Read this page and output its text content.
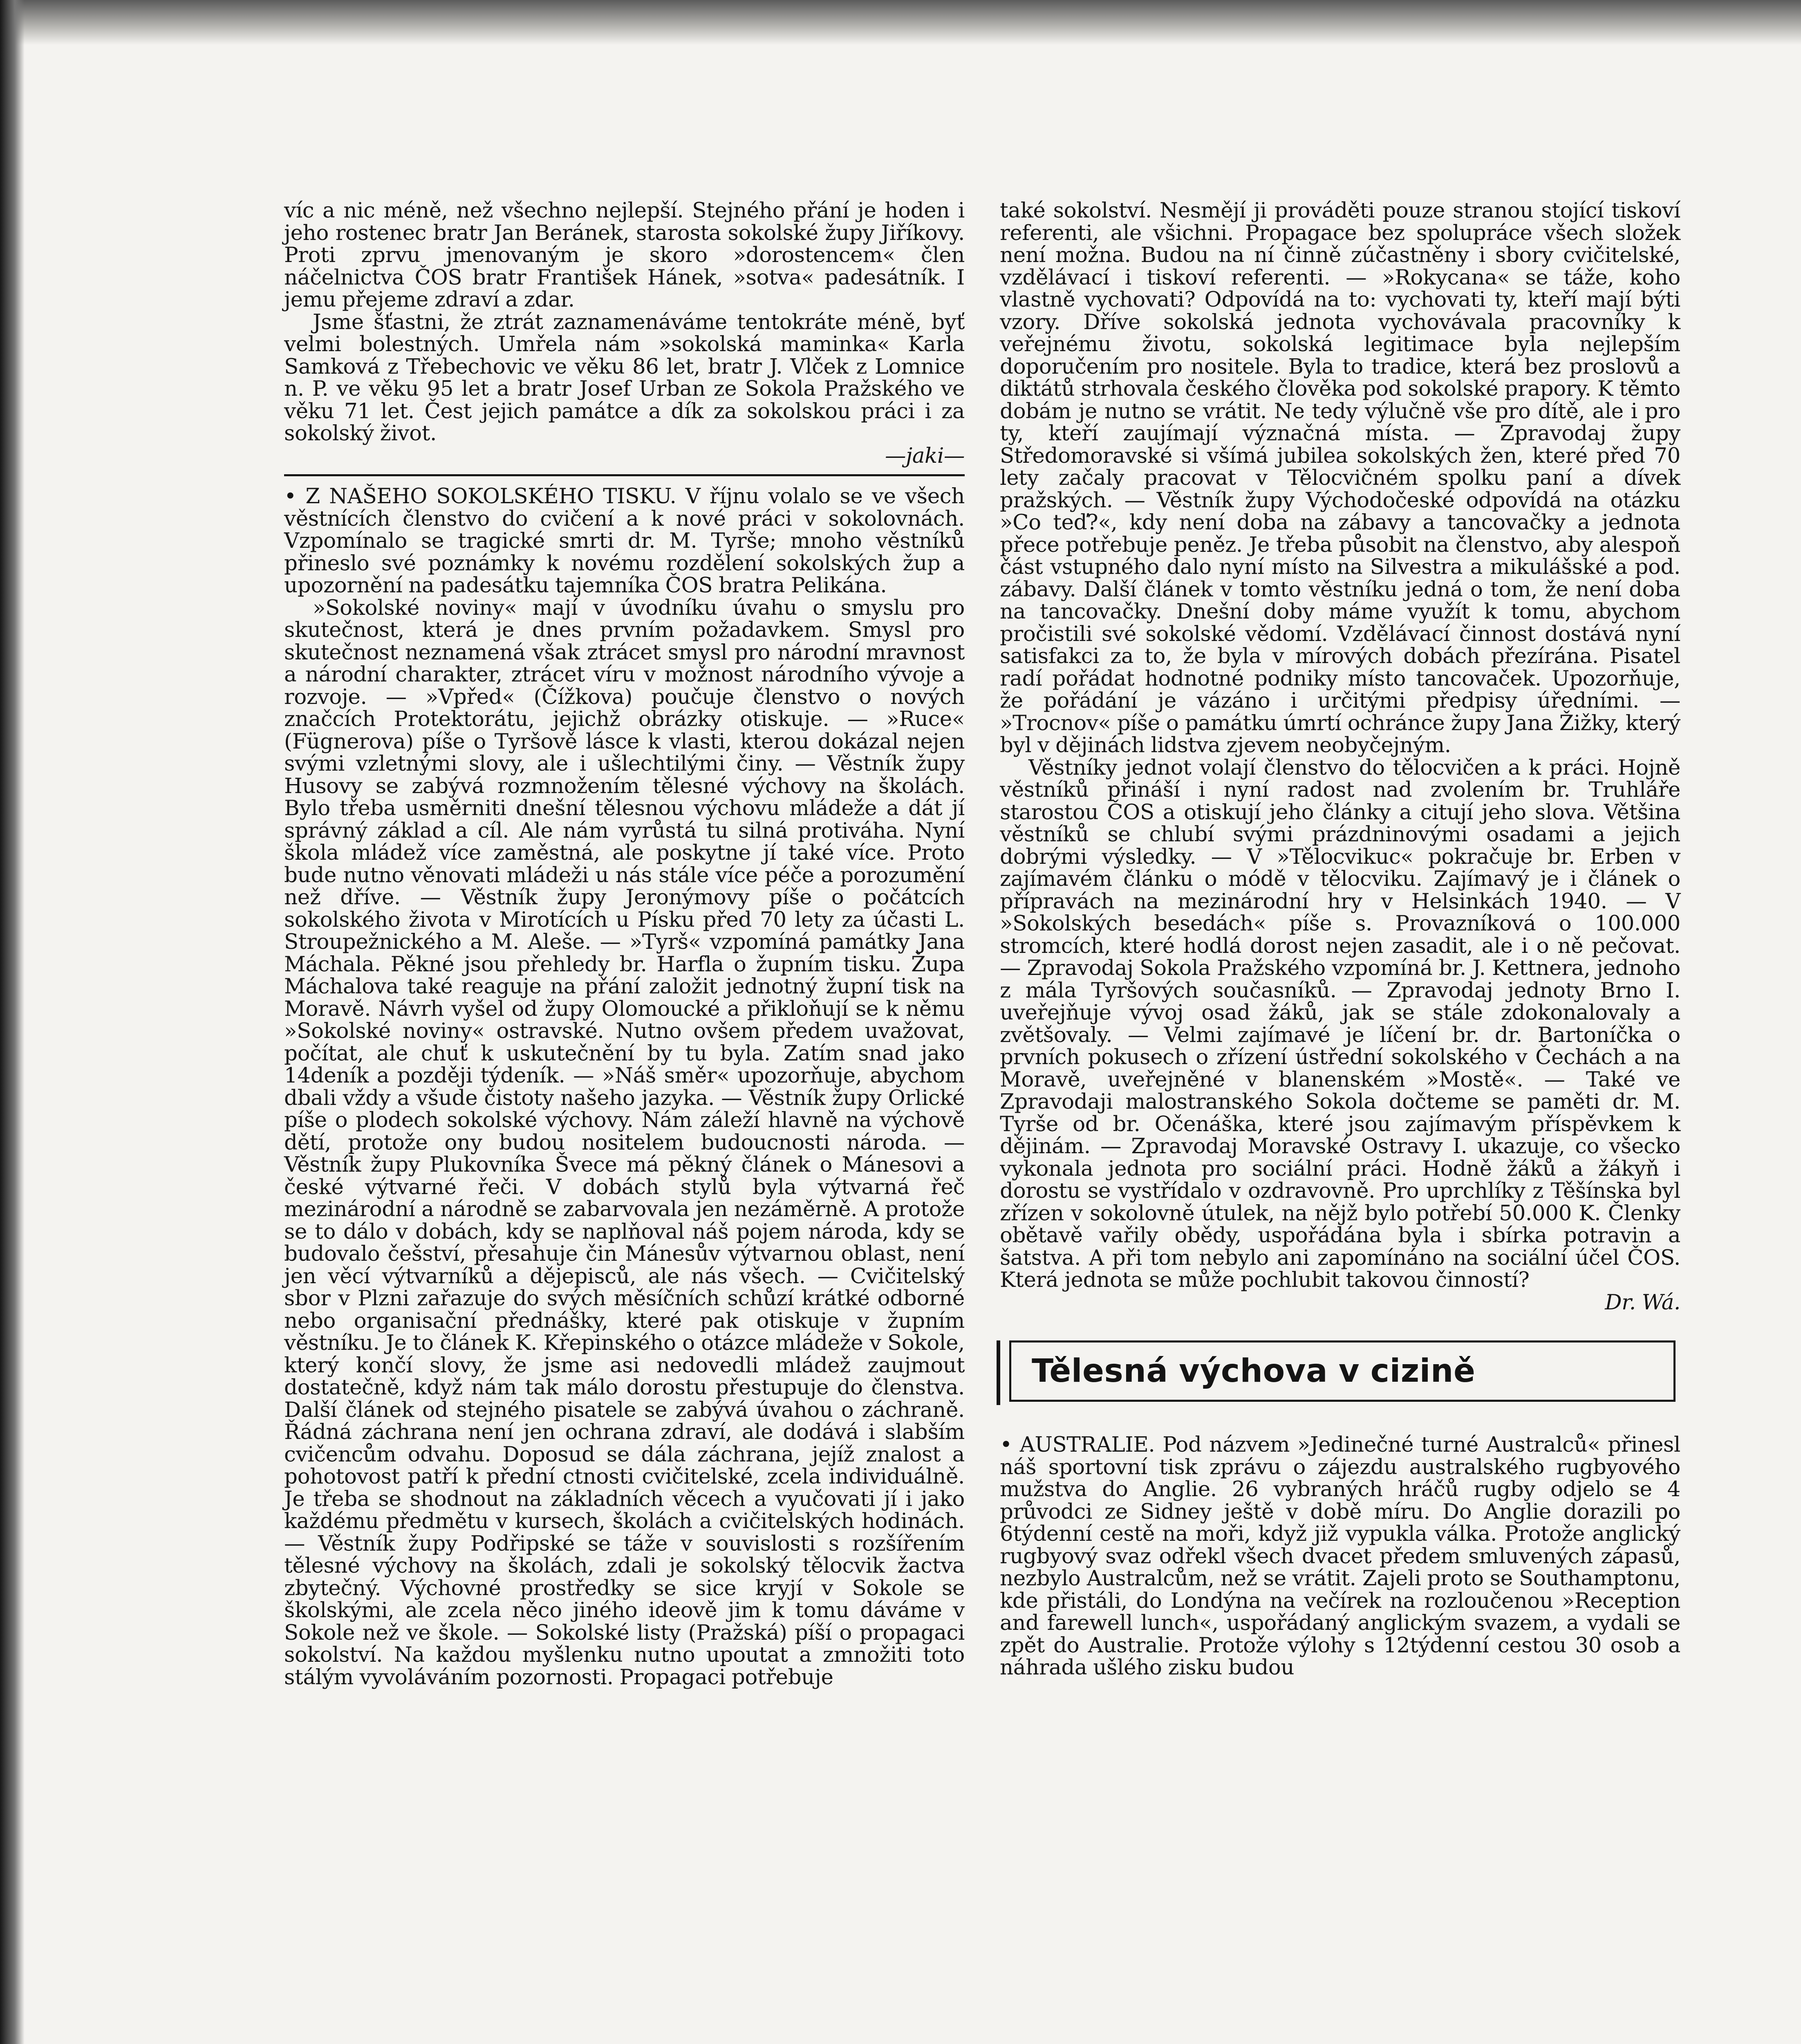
víc a nic méně, než všechno nejlepší. Stejného přání je hoden i jeho rostenec bratr Jan Beránek, starosta sokolské župy Jiříkovy. Proti zprvu jmenovaným je skoro »dorostencem« člen náčelnictva ČOS bratr František Hánek, »sotva« padesátník. I jemu přejeme zdraví a zdar.

Jsme šťastni, že ztrát zaznamenáváme tentokráte méně, byť velmi bolestných. Umřela nám »sokolská maminka« Karla Samková z Třebechovic ve věku 86 let, bratr J. Vlček z Lomnice n. P. ve věku 95 let a bratr Josef Urban ze Sokola Pražského ve věku 71 let. Čest jejich památce a dík za sokolskou práci i za sokolský život.

—jaki—

• Z NAŠEHO SOKOLSKÉHO TISKU. V říjnu volalo se ve všech věstnících členstvo do cvičení a k nové práci v sokolovnách. Vzpomínalo se tragické smrti dr. M. Tyrše; mnoho věstníků přineslo své poznámky k novému rozdělení sokolských žup a upozornění na padesátku tajemníka ČOS bratra Pelikána.

»Sokolské noviny« mají v úvodníku úvahu o smyslu pro skutečnost, která je dnes prvním požadavkem. Smysl pro skutečnost neznamená však ztrácet smysl pro národní mravnost a národní charakter, ztrácet víru v možnost národního vývoje a rozvoje. — »Vpřed« (Čížkova) poučuje členstvo o nových značcích Protektorátu, jejichž obrázky otiskuje. — »Ruce« (Fügnerova) píše o Tyršově lásce k vlasti, kterou dokázal nejen svými vzletnými slovy, ale i ušlechtilými činy. — Věstník župy Husovy se zabývá rozmnožením tělesné výchovy na školách. Bylo třeba usměrniti dnešní tělesnou výchovu mládeže a dát jí správný základ a cíl. Ale nám vyrůstá tu silná protiváha. Nyní škola mládež více zaměstná, ale poskytne jí také více. Proto bude nutno věnovati mládeži u nás stále více péče a porozumění než dříve. — Věstník župy Jeronýmovy píše o počátcích sokolského života v Mirotících u Písku před 70 lety za účasti L. Stroupežnického a M. Aleše. — »Tyrš« vzpomíná památky Jana Máchala. Pěkné jsou přehledy br. Harfla o župním tisku. Župa Máchalova také reaguje na přání založit jednotný župní tisk na Moravě. Návrh vyšel od župy Olomoucké a přikloňují se k němu »Sokolské noviny« ostravské. Nutno ovšem předem uvažovat, počítat, ale chuť k uskutečnění by tu byla. Zatím snad jako 14deník a později týdeník. — »Náš směr« upozorňuje, abychom dbali vždy a všude čistoty našeho jazyka. — Věstník župy Orlické píše o plodech sokolské výchovy. Nám záleží hlavně na výchově dětí, protože ony budou nositelem budoucnosti národa. — Věstník župy Plukovníka Švece má pěkný článek o Mánesovi a české výtvarné řeči. V dobách stylů byla výtvarná řeč mezinárodní a národně se zabarvovala jen nezáměrně. A protože se to dálo v dobách, kdy se naplňoval náš pojem národa, kdy se budovalo češství, přesahuje čin Mánesův výtvarnou oblast, není jen věcí výtvarníků a dějepisců, ale nás všech. — Cvičitelský sbor v Plzni zařazuje do svých měsíčních schůzí krátké odborné nebo organisační přednášky, které pak otiskuje v župním věstníku. Je to článek K. Křepinského o otázce mládeže v Sokole, který končí slovy, že jsme asi nedovedli mládež zaujmout dostatečně, když nám tak málo dorostu přestupuje do členstva. Další článek od stejného pisatele se zabývá úvahou o záchraně. Řádná záchrana není jen ochrana zdraví, ale dodává i slabším cvičencům odvahu. Doposud se dála záchrana, jejíž znalost a pohotovost patří k přední ctnosti cvičitelské, zcela individuálně. Je třeba se shodnout na základních věcech a vyučovati jí i jako každému předmětu v kursech, školách a cvičitelských hodinách. — Věstník župy Podřipské se táže v souvislosti s rozšířením tělesné výchovy na školách, zdali je sokolský tělocvik žactva zbytečný. Výchovné prostředky se sice kryjí v Sokole se školskými, ale zcela něco jiného ideově jim k tomu dáváme v Sokole než ve škole. — Sokolské listy (Pražská) píší o propagaci sokolství. Na každou myšlenku nutno upoutat a zmnožiti toto stálým vyvoláváním pozornosti. Propagaci potřebuje

také sokolství. Nesmějí ji prováděti pouze stranou stojící tiskoví referenti, ale všichni. Propagace bez spolupráce všech složek není možna. Budou na ní činně zúčastněny i sbory cvičitelské, vzdělávací i tiskoví referenti. — »Rokycana« se táže, koho vlastně vychovati? Odpovídá na to: vychovati ty, kteří mají býti vzory. Dříve sokolská jednota vychovávala pracovníky k veřejnému životu, sokolská legitimace byla nejlepším doporučením pro nositele. Byla to tradice, která bez proslovů a diktátů strhovala českého člověka pod sokolské prapory. K těmto dobám je nutno se vrátit. Ne tedy výlučně vše pro dítě, ale i pro ty, kteří zaujímají význačná místa. — Zpravodaj župy Středomoravské si všímá jubilea sokolských žen, které před 70 lety začaly pracovat v Tělocvičném spolku paní a dívek pražských. — Věstník župy Východočeské odpovídá na otázku »Co teď?«, kdy není doba na zábavy a tancovačky a jednota přece potřebuje peněz. Je třeba působit na členstvo, aby alespoň část vstupného dalo nyní místo na Silvestra a mikulášské a pod. zábavy. Další článek v tomto věstníku jedná o tom, že není doba na tancovačky. Dnešní doby máme využít k tomu, abychom pročistili své sokolské vědomí. Vzdělávací činnost dostává nyní satisfakci za to, že byla v mírových dobách přezírána. Pisatel radí pořádat hodnotné podniky místo tancovaček. Upozorňuje, že pořádání je vázáno i určitými předpisy úředními. — »Trocnov« píše o památku úmrtí ochránce župy Jana Žižky, který byl v dějinách lidstva zjevem neobyčejným.

Věstníky jednot volají členstvo do tělocvičen a k práci. Hojně věstníků přináší i nyní radost nad zvolením br. Truhláře starostou ČOS a otiskují jeho články a citují jeho slova. Většina věstníků se chlubí svými prázdninovými osadami a jejich dobrými výsledky. — V »Tělocvikuc« pokračuje br. Erben v zajímavém článku o módě v tělocviku. Zajímavý je i článek o přípravách na mezinárodní hry v Helsinkách 1940. — V »Sokolských besedách« píše s. Provazníková o 100.000 stromcích, které hodlá dorost nejen zasadit, ale i o ně pečovat. — Zpravodaj Sokola Pražského vzpomíná br. J. Kettnera, jednoho z mála Tyršových současníků. — Zpravodaj jednoty Brno I. uveřejňuje vývoj osad žáků, jak se stále zdokonalovaly a zvětšovaly. — Velmi zajímavé je líčení br. dr. Bartoníčka o prvních pokusech o zřízení ústřední sokolského v Čechách a na Moravě, uveřejněné v blanenském »Mostě«. — Také ve Zpravodaji malostranského Sokola dočteme se paměti dr. M. Tyrše od br. Očenáška, které jsou zajímavým příspěvkem k dějinám. — Zpravodaj Moravské Ostravy I. ukazuje, co všecko vykonala jednota pro sociální práci. Hodně žáků a žákyň i dorostu se vystřídalo v ozdravovně. Pro uprchlíky z Těšínska byl zřízen v sokolovně útulek, na nějž bylo potřebí 50.000 K. Členky obětavě vařily obědy, uspořádána byla i sbírka potravin a šatstva. A při tom nebylo ani zapomínáno na sociální účel ČOS. Která jednota se může pochlubit takovou činností?

Dr. Wá.

Tělesná výchova v cizině

• AUSTRALIE. Pod názvem »Jedinečné turné Australců« přinesl náš sportovní tisk zprávu o zájezdu australského rugbyového mužstva do Anglie. 26 vybraných hráčů rugby odjelo se 4 průvodci ze Sidney ještě v době míru. Do Anglie dorazili po 6týdenní cestě na moři, když již vypukla válka. Protože anglický rugbyový svaz odřekl všech dvacet předem smluvených zápasů, nezbylo Australcům, než se vrátit. Zajeli proto se Southamptonu, kde přistáli, do Londýna na večírek na rozloučenou »Reception and farewell lunch«, uspořádaný anglickým svazem, a vydali se zpět do Australie. Protože výlohy s 12týdenní cestou 30 osob a náhrada ušlého zisku budou
